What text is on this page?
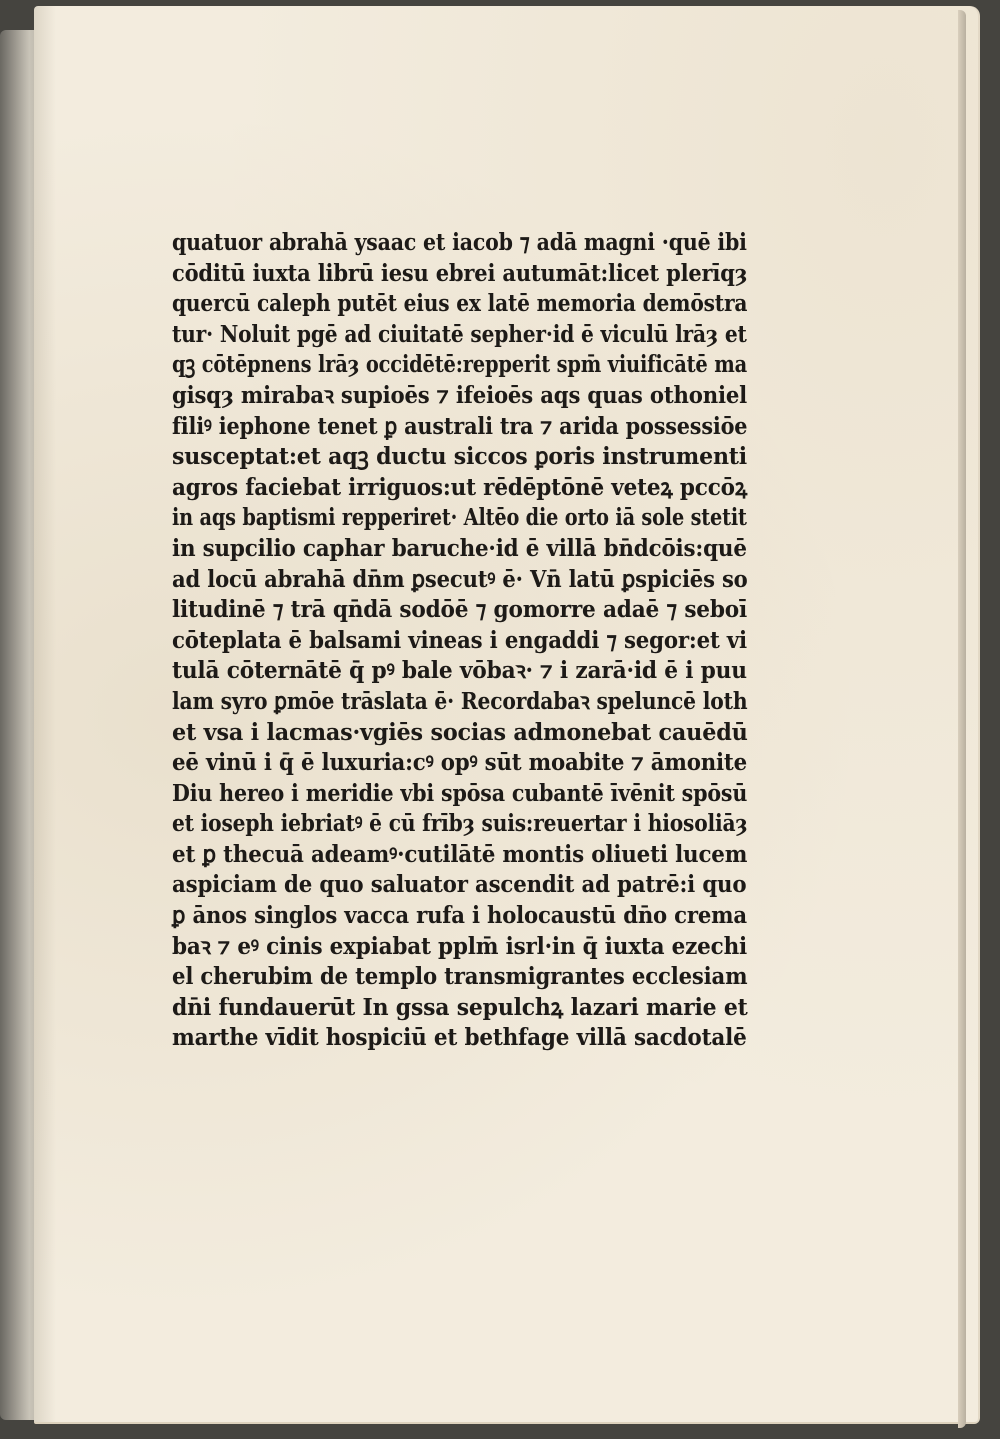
quatuor abrahā ysaac et iacob ⁊ adā magni ·quē ibi
cōditū iuxta librū iesu ebrei autumāt:licet plerīqȝ
quercū caleph putēt eius ex latē memoria demōstra
tur· Noluit pgē ad ciuitatē sepher·id ē viculū lrāȝ et
qꝫ cōtēpnens lrāȝ occidētē:repperit spm̄ viuificātē ma
gisqȝ mirabaꝛ supioēs ⁊ ifeioēs aqs quas othoniel
filiꝰ iephone tenet ꝑ australi tra ⁊ arida possessiōe
susceptat:et aqꝫ ductu siccos ꝑoris instrumenti
agros faciebat irriguos:ut rēdēptōnē veteꝝ pccōꝝ
in aqs baptismi repperiret· Altēo die orto iā sole stetit
in supcilio caphar baruche·id ē villā bn̄dcōis:quē
ad locū abrahā dn̄m ꝑsecutꝰ ē· Vn̄ latū ꝑspiciēs so
litudinē ⁊ trā qn̄dā sodōē ⁊ gomorre adaē ⁊ seboī
cōteplata ē balsami vineas i engaddi ⁊ segor:et vi
tulā cōternātē q̄ pꝰ bale vōbaꝛ· ⁊ i zarā·id ē i puu
lam syro ꝑmōe trāslata ē· Recordabaꝛ speluncē loth
et vsa i lacmas·vgiēs socias admonebat cauēdū
eē vinū i q̄ ē luxuria:cꝰ opꝰ sūt moabite ⁊ āmonite
Diu hereo i meridie vbi spōsa cubantē īvēnit spōsū
et ioseph iebriatꝰ ē cū frībȝ suis:reuertar i hiosoliāȝ
et ꝑ thecuā adeamꝰ·cutilātē montis oliueti lucem
aspiciam de quo saluator ascendit ad patrē:i quo
ꝑ ānos singlos vacca rufa i holocaustū dn̄o crema
baꝛ ⁊ eꝰ cinis expiabat pplm̄ isrl·in q̄ iuxta ezechi
el cherubim de templo transmigrantes ecclesiam
dn̄i fundauerūt In gssa sepulchꝝ lazari marie et
marthe vīdit hospiciū et bethfage villā sacdotalē
